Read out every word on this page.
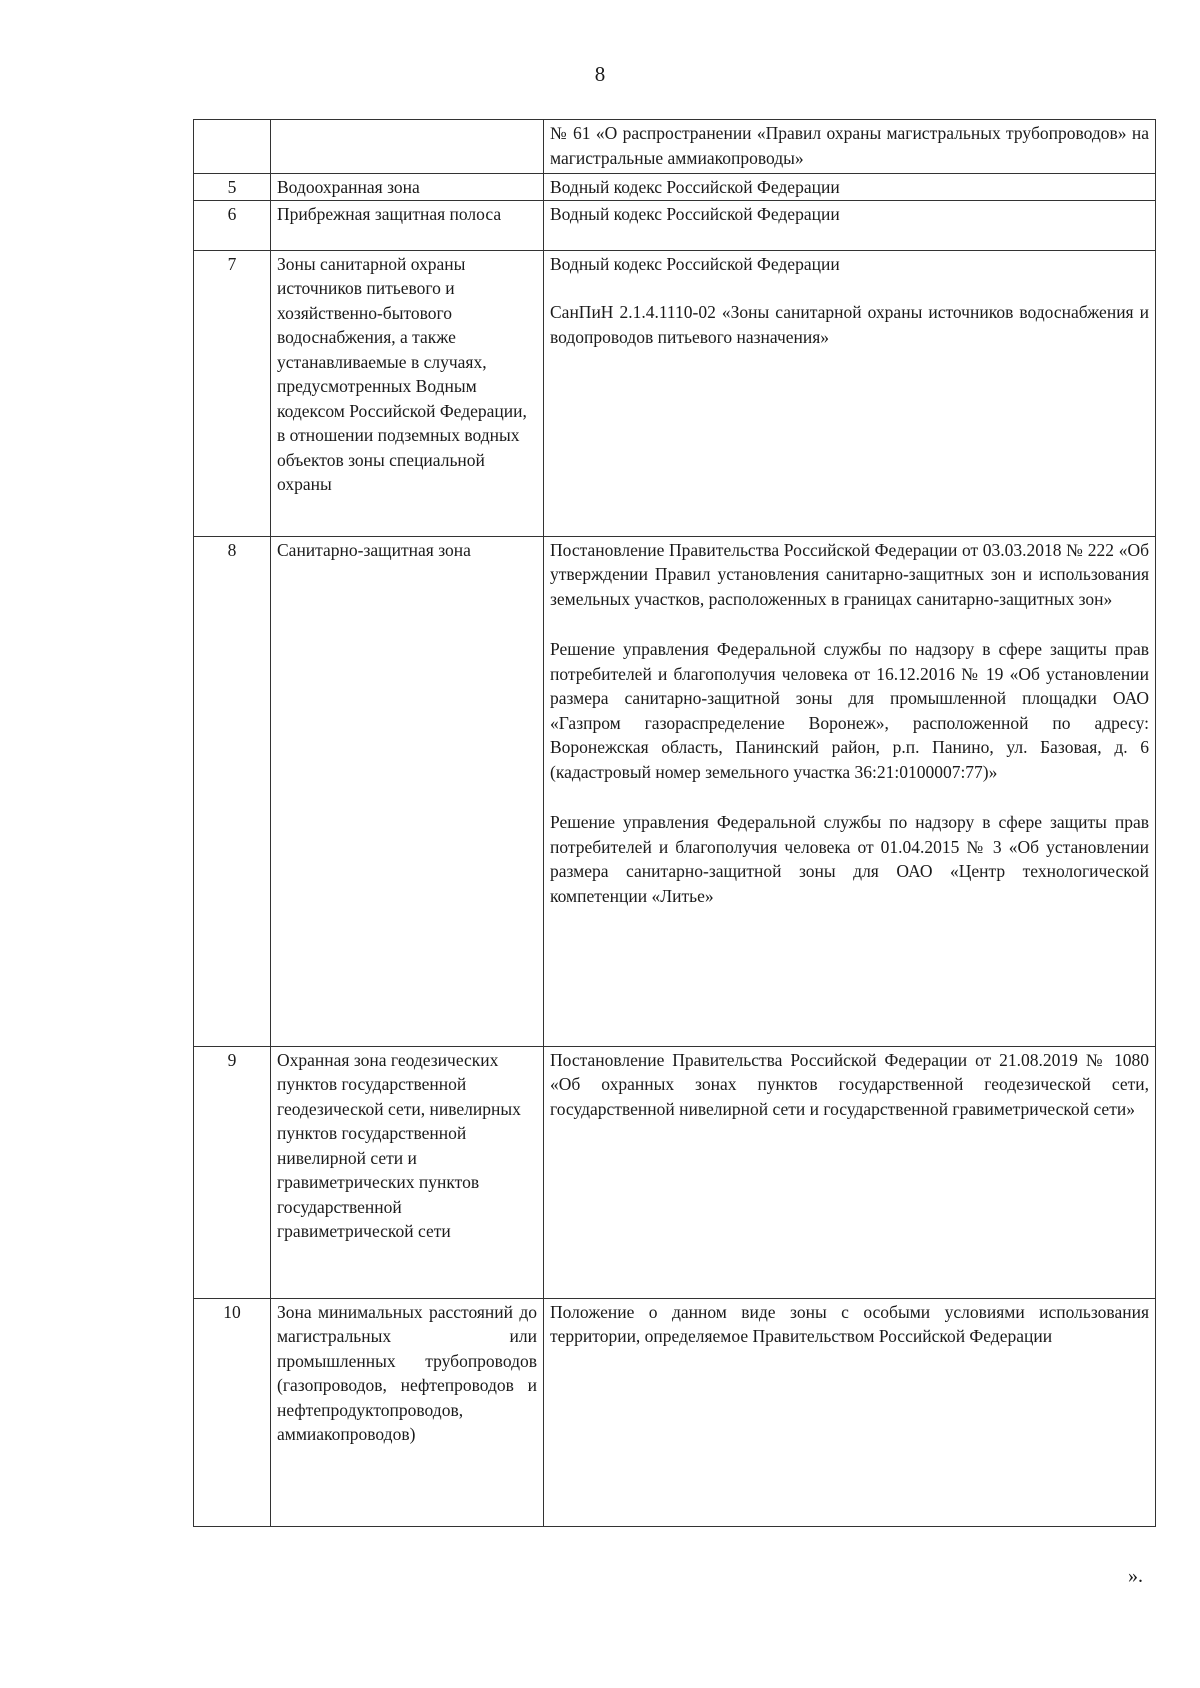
8

		№ 61 «О распространении «Правил охраны магистральных трубопроводов» на магистральные аммиакопроводы»

5	Водоохранная зона	Водный кодекс Российской Федерации

6	Прибрежная защитная полоса	Водный кодекс Российской Федерации

7	Зоны санитарной охраны источников питьевого и хозяйственно-бытового водоснабжения, а также устанавливаемые в случаях, предусмотренных Водным кодексом Российской Федерации, в отношении подземных водных объектов зоны специальной охраны	Водный кодекс Российской Федерации

СанПиН 2.1.4.1110-02 «Зоны санитарной охраны источников водоснабжения и водопроводов питьевого назначения»

8	Санитарно-защитная зона	Постановление Правительства Российской Федерации от 03.03.2018 № 222 «Об утверждении Правил установления санитарно-защитных зон и использования земельных участков, расположенных в границах санитарно-защитных зон»

Решение управления Федеральной службы по надзору в сфере защиты прав потребителей и благополучия человека от 16.12.2016 № 19 «Об установлении размера санитарно-защитной зоны для промышленной площадки ОАО «Газпром газораспределение Воронеж», расположенной по адресу: Воронежская область, Панинский район, р.п. Панино, ул. Базовая, д. 6 (кадастровый номер земельного участка 36:21:0100007:77)»

Решение управления Федеральной службы по надзору в сфере защиты прав потребителей и благополучия человека от 01.04.2015 № 3 «Об установлении размера санитарно-защитной зоны для ОАО «Центр технологической компетенции «Литье»

9	Охранная зона геодезических пунктов государственной геодезической сети, нивелирных пунктов государственной нивелирной сети и гравиметрических пунктов государственной гравиметрической сети	Постановление Правительства Российской Федерации от 21.08.2019 № 1080 «Об охранных зонах пунктов государственной геодезической сети, государственной нивелирной сети и государственной гравиметрической сети»

10	Зона минимальных расстояний до магистральных или промышленных трубопроводов (газопроводов, нефтепроводов и нефтепродуктопроводов, аммиакопроводов)	Положение о данном виде зоны с особыми условиями использования территории, определяемое Правительством Российской Федерации

».
